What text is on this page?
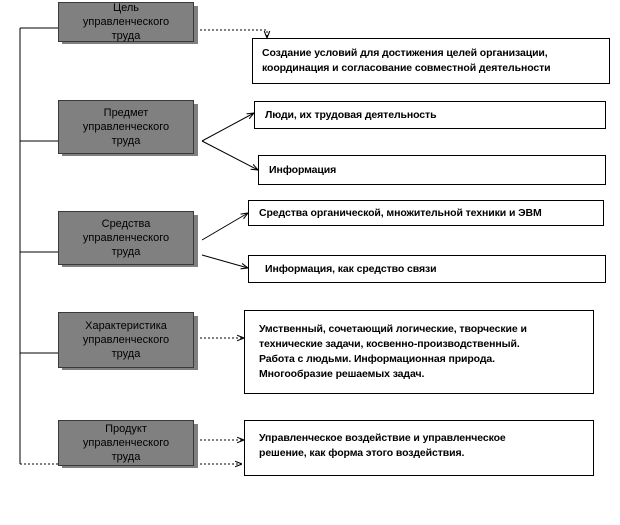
Цель
управленческого
труда
Предмет
управленческого
труда
Средства
управленческого
труда
Характеристика
управленческого
труда
Продукт
управленческого
труда
Создание условий для достижения целей организации,
координация и согласование совместной деятельности
Люди, их трудовая деятельность
Информация
Средства органической, множительной техники и ЭВМ
Информация, как средство связи
Умственный, сочетающий логические, творческие и
технические задачи, косвенно-производственный.
Работа с людьми. Информационная природа.
Многообразие решаемых задач.
Управленческое воздействие и управленческое
решение, как форма этого воздействия.
